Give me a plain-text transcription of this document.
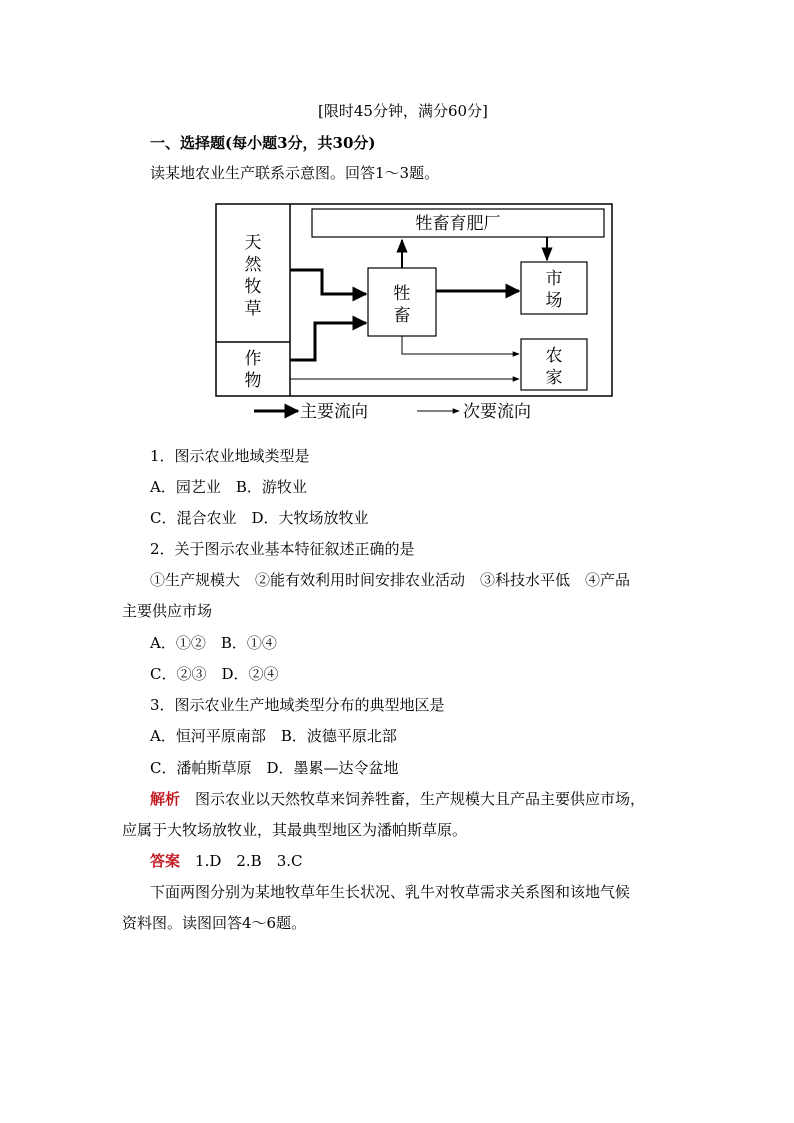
[限时45分钟，满分60分]
一、选择题(每小题3分，共30分)
读某地农业生产联系示意图。回答1～3题。
天
然
牧
草
作
物
牲畜育肥厂
牲
畜
市
场
农
家
主要流向	次要流向
1．图示农业地域类型是
A．园艺业　B．游牧业
C．混合农业　D．大牧场放牧业
2．关于图示农业基本特征叙述正确的是
①生产规模大　②能有效利用时间安排农业活动　③科技水平低　④产品
主要供应市场
A．①②　B．①④
C．②③　D．②④
3．图示农业生产地域类型分布的典型地区是
A．恒河平原南部　B．波德平原北部
C．潘帕斯草原　D．墨累—达令盆地
解析　 图示农业以天然牧草来饲养牲畜，生产规模大且产品主要供应市场，
应属于大牧场放牧业，其最典型地区为潘帕斯草原。
答案　 1.D　2.B　3.C
下面两图分别为某地牧草年生长状况、乳牛对牧草需求关系图和该地气候
资料图。读图回答4～6题。
